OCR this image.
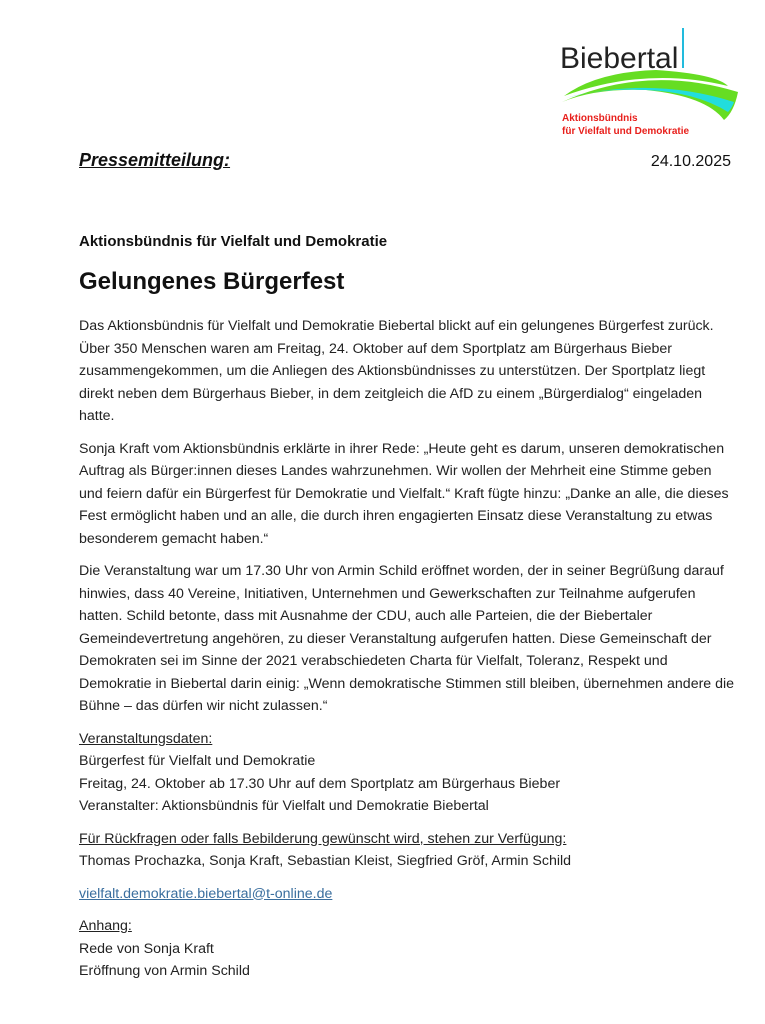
Biebertal
Aktionsbündnis
für Vielfalt und Demokratie
Pressemitteilung:	24.10.2025
Aktionsbündnis für Vielfalt und Demokratie
Gelungenes Bürgerfest

Das Aktionsbündnis für Vielfalt und Demokratie Biebertal blickt auf ein gelungenes Bürgerfest zurück. Über 350 Menschen waren am Freitag, 24. Oktober auf dem Sportplatz am Bürgerhaus Bieber zusammengekommen, um die Anliegen des Aktionsbündnisses zu unterstützen. Der Sportplatz liegt direkt neben dem Bürgerhaus Bieber, in dem zeitgleich die AfD zu einem „Bürgerdialog“ eingeladen hatte.

Sonja Kraft vom Aktionsbündnis erklärte in ihrer Rede: „Heute geht es darum, unseren demokratischen Auftrag als Bürger:innen dieses Landes wahrzunehmen. Wir wollen der Mehrheit eine Stimme geben und feiern dafür ein Bürgerfest für Demokratie und Vielfalt.“ Kraft fügte hinzu: „Danke an alle, die dieses Fest ermöglicht haben und an alle, die durch ihren engagierten Einsatz diese Veranstaltung zu etwas besonderem gemacht haben.“

Die Veranstaltung war um 17.30 Uhr von Armin Schild eröffnet worden, der in seiner Begrüßung darauf hinwies, dass 40 Vereine, Initiativen, Unternehmen und Gewerkschaften zur Teilnahme aufgerufen hatten. Schild betonte, dass mit Ausnahme der CDU, auch alle Parteien, die der Biebertaler Gemeindevertretung angehören, zu dieser Veranstaltung aufgerufen hatten. Diese Gemeinschaft der Demokraten sei im Sinne der 2021 verabschiedeten Charta für Vielfalt, Toleranz, Respekt und Demokratie in Biebertal darin einig: „Wenn demokratische Stimmen still bleiben, übernehmen andere die Bühne – das dürfen wir nicht zulassen.“

Veranstaltungsdaten:
Bürgerfest für Vielfalt und Demokratie
Freitag, 24. Oktober ab 17.30 Uhr auf dem Sportplatz am Bürgerhaus Bieber
Veranstalter: Aktionsbündnis für Vielfalt und Demokratie Biebertal
Für Rückfragen oder falls Bebilderung gewünscht wird, stehen zur Verfügung:
Thomas Prochazka, Sonja Kraft, Sebastian Kleist, Siegfried Gröf, Armin Schild
vielfalt.demokratie.biebertal@t-online.de
Anhang:
Rede von Sonja Kraft
Eröffnung von Armin Schild
